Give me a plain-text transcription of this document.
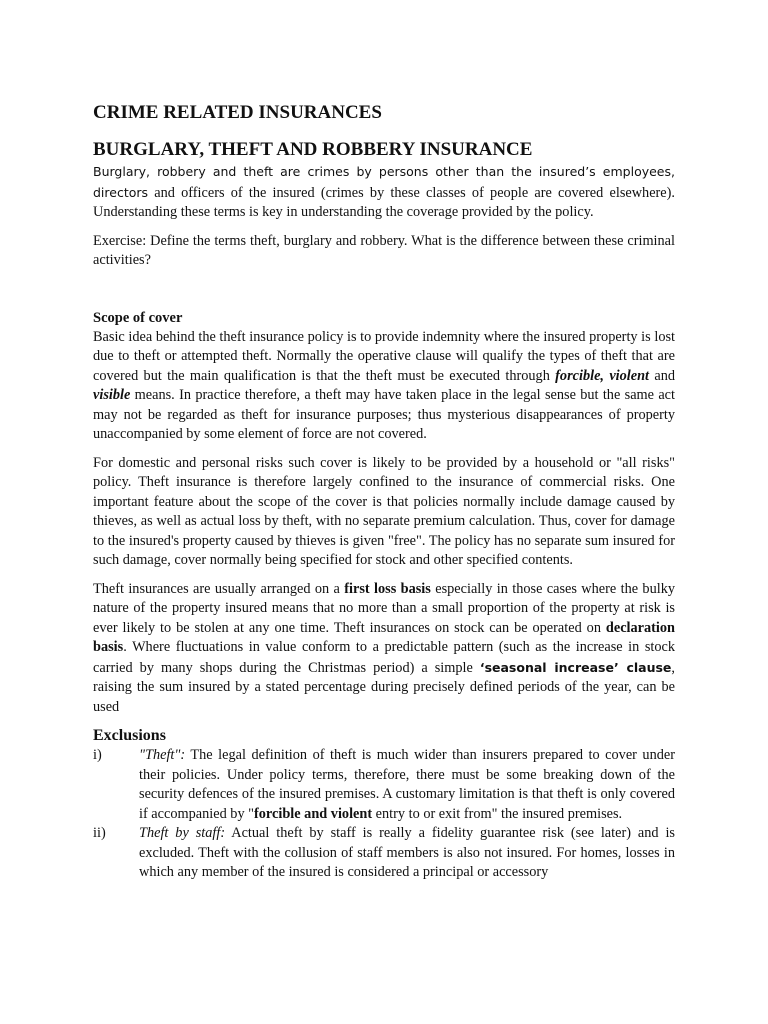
CRIME RELATED INSURANCES
BURGLARY, THEFT AND ROBBERY INSURANCE

Burglary, robbery and theft are crimes by persons other than the insured’s employees, directors and officers of the insured (crimes by these classes of people are covered elsewhere). Understanding these terms is key in understanding the coverage provided by the policy.

Exercise: Define the terms theft, burglary and robbery. What is the difference between these criminal activities?

Scope of cover

Basic idea behind the theft insurance policy is to provide indemnity where the insured property is lost due to theft or attempted theft. Normally the operative clause will qualify the types of theft that are covered but the main qualification is that the theft must be executed through forcible, violent and visible means. In practice therefore, a theft may have taken place in the legal sense but the same act may not be regarded as theft for insurance purposes; thus mysterious disappearances of property unaccompanied by some element of force are not covered.

For domestic and personal risks such cover is likely to be provided by a household or "all risks" policy. Theft insurance is therefore largely confined to the insurance of commercial risks. One important feature about the scope of the cover is that policies normally include damage caused by thieves, as well as actual loss by theft, with no separate premium calculation. Thus, cover for damage to the insured's property caused by thieves is given "free". The policy has no separate sum insured for such damage, cover normally being specified for stock and other specified contents.

Theft insurances are usually arranged on a first loss basis especially in those cases where the bulky nature of the property insured means that no more than a small proportion of the property at risk is ever likely to be stolen at any one time. Theft insurances on stock can be operated on declaration basis. Where fluctuations in value conform to a predictable pattern (such as the increase in stock carried by many shops during the Christmas period) a simple ‘seasonal increase’ clause, raising the sum insured by a stated percentage during precisely defined periods of the year, can be used

Exclusions
i)	"Theft": The legal definition of theft is much wider than insurers prepared to cover under their policies. Under policy terms, therefore, there must be some breaking down of the security defences of the insured premises. A customary limitation is that theft is only covered if accompanied by "forcible and violent entry to or exit from" the insured premises.
ii)	Theft by staff: Actual theft by staff is really a fidelity guarantee risk (see later) and is excluded. Theft with the collusion of staff members is also not insured. For homes, losses in which any member of the insured is considered a principal or accessory
